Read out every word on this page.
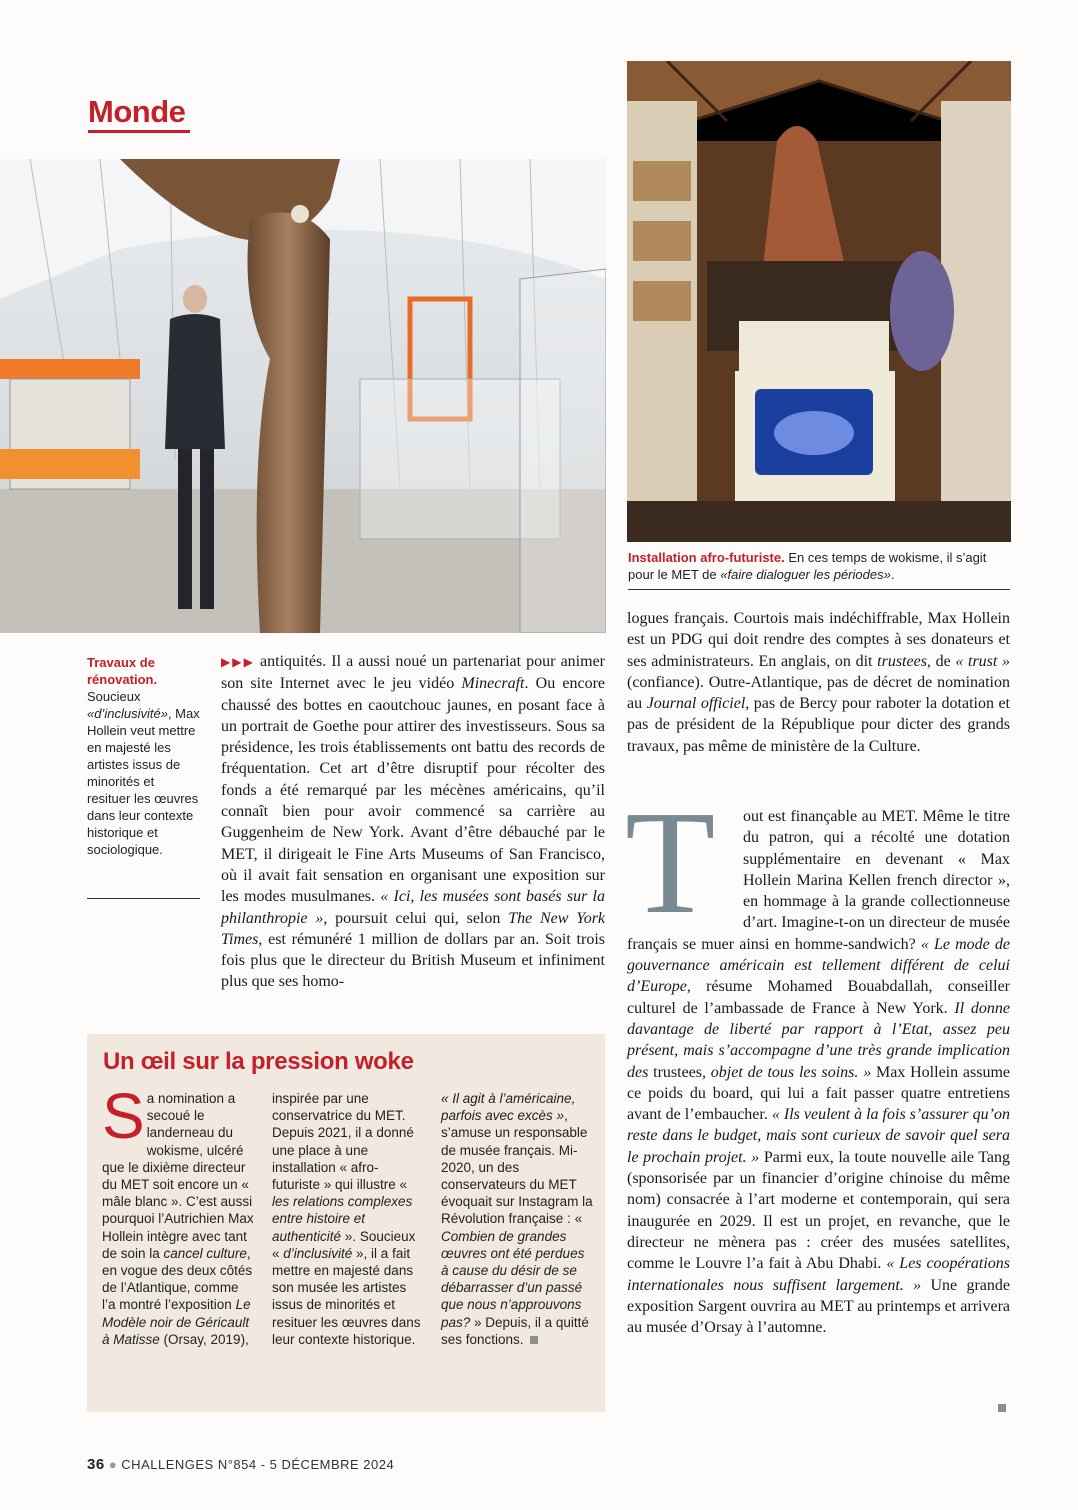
Monde
Travaux de rénovation.
Soucieux «d’inclusivité», Max Hollein veut mettre en majesté les artistes issus de minorités et resituer les œuvres dans leur contexte historique et sociologique.
Installation afro-futuriste. En ces temps de wokisme, il s’agit pour le MET de «faire dialoguer les périodes».
▶▶▶ antiquités. Il a aussi noué un partenariat pour animer son site Internet avec le jeu vidéo Minecraft. Ou encore chaussé des bottes en caoutchouc jaunes, en posant face à un portrait de Goethe pour attirer des investisseurs. Sous sa présidence, les trois établissements ont battu des records de fréquentation. Cet art d’être disruptif pour récolter des fonds a été remarqué par les mécènes américains, qu’il connaît bien pour avoir commencé sa carrière au Guggenheim de New York. Avant d’être débauché par le MET, il dirigeait le Fine Arts Museums of San Francisco, où il avait fait sensation en organisant une exposition sur les modes musulmanes. « Ici, les musées sont basés sur la philanthropie », poursuit celui qui, selon The New York Times, est rémunéré 1 million de dollars par an. Soit trois fois plus que le directeur du British Museum et infiniment plus que ses homo-
logues français. Courtois mais indéchiffrable, Max Hollein est un PDG qui doit rendre des comptes à ses donateurs et ses administrateurs. En anglais, on dit trustees, de « trust » (confiance). Outre-Atlantique, pas de décret de nomination au Journal officiel, pas de Bercy pour raboter la dotation et pas de président de la République pour dicter des grands travaux, pas même de ministère de la Culture.
T	out est finançable au MET. Même le titre du patron, qui a récolté une dotation supplémentaire en devenant « Max Hollein Marina Kellen french director », en hommage à la grande collectionneuse d’art. Imagine-t-on un directeur de musée français se muer ainsi en homme-sandwich? « Le mode de gouvernance américain est tellement différent de celui d’Europe, résume Mohamed Bouabdallah, conseiller culturel de l’ambassade de France à New York. Il donne davantage de liberté par rapport à l’Etat, assez peu présent, mais s’accompagne d’une très grande implication des trustees, objet de tous les soins. » Max Hollein assume ce poids du board, qui lui a fait passer quatre entretiens avant de l’embaucher. « Ils veulent à la fois s’assurer qu’on reste dans le budget, mais sont curieux de savoir quel sera le prochain projet. » Parmi eux, la toute nouvelle aile Tang (sponsorisée par un financier d’origine chinoise du même nom) consacrée à l’art moderne et contemporain, qui sera inaugurée en 2029. Il est un projet, en revanche, que le directeur ne mènera pas : créer des musées satellites, comme le Louvre l’a fait à Abu Dhabi. « Les coopérations internationales nous suffisent largement. » Une grande exposition Sargent ouvrira au MET au printemps et arrivera au musée d’Orsay à l’automne.
Un œil sur la pression woke
Sa nomination a secoué le landerneau du wokisme, ulcéré que le dixième directeur du MET soit encore un « mâle blanc ». C’est aussi pourquoi l’Autrichien Max Hollein intègre avec tant de soin la cancel culture, en vogue des deux côtés de l’Atlantique, comme l’a montré l’exposition Le Modèle noir de Géricault à Matisse (Orsay, 2019),
inspirée par une conservatrice du MET. Depuis 2021, il a donné une place à une installation « afro-futuriste » qui illustre « les relations complexes entre histoire et authenticité ». Soucieux « d’inclusivité », il a fait mettre en majesté dans son musée les artistes issus de minorités et resituer les œuvres dans leur contexte historique.
« Il agit à l’américaine, parfois avec excès », s’amuse un responsable de musée français. Mi-2020, un des conservateurs du MET évoquait sur Instagram la Révolution française : « Combien de grandes œuvres ont été perdues à cause du désir de se débarrasser d’un passé que nous n’approuvons pas? » Depuis, il a quitté ses fonctions.
36 ● CHALLENGES N°854 - 5 DÉCEMBRE 2024
